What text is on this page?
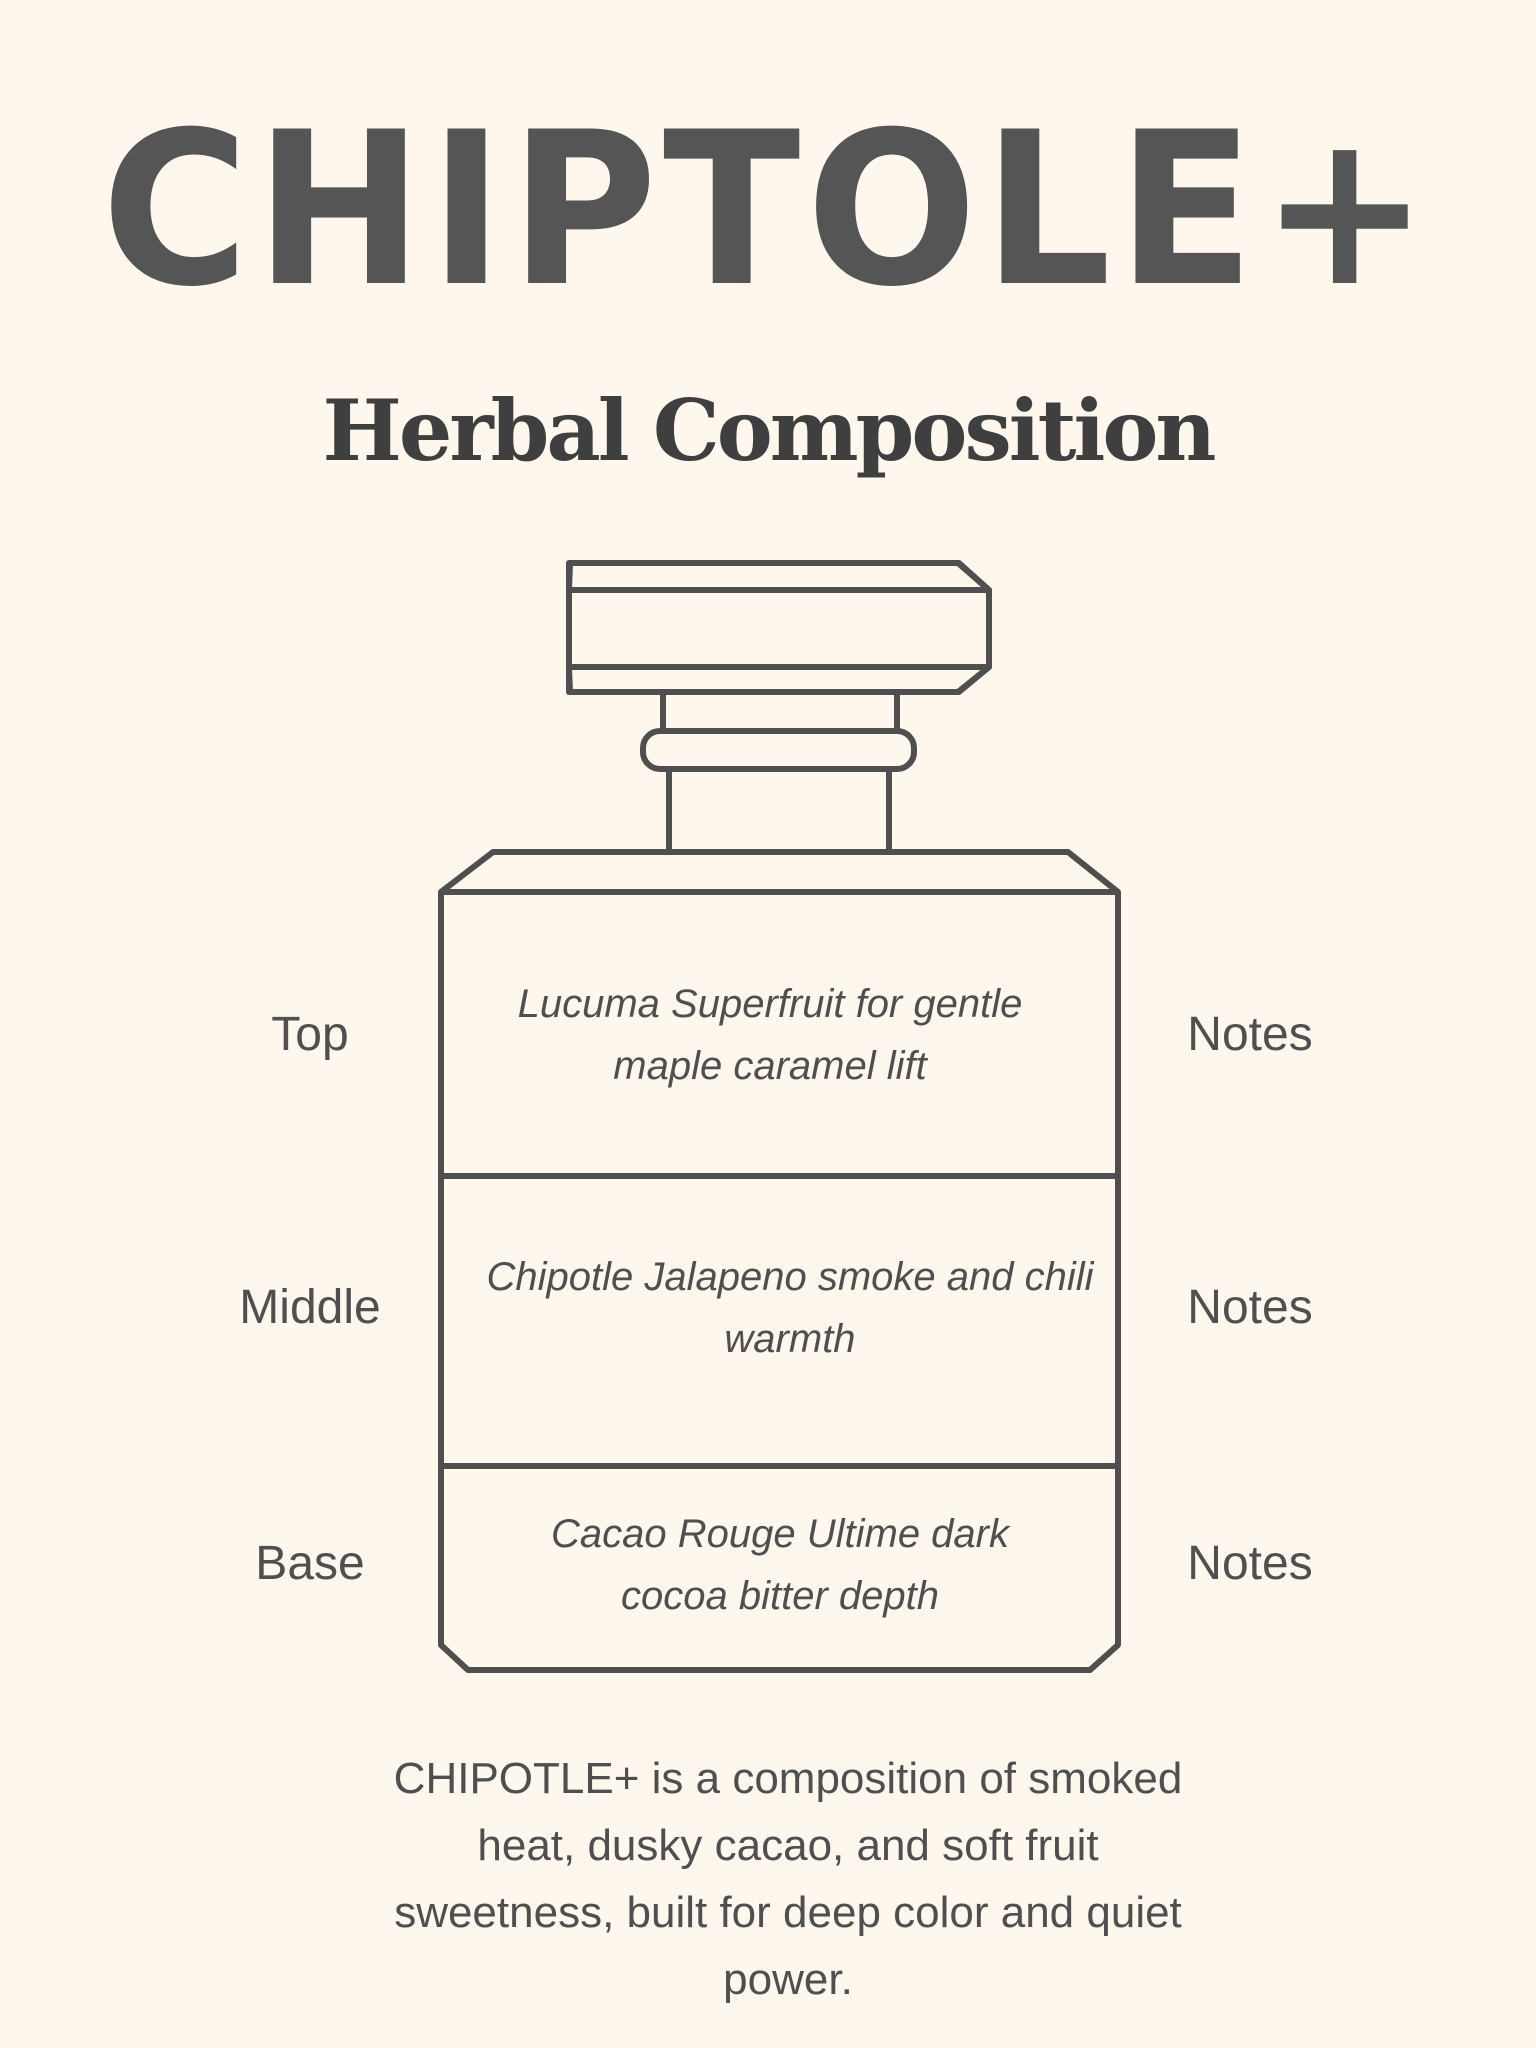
CHIPTOLE+
Herbal Composition
Top	Notes
Lucuma Superfruit for gentle maple caramel lift
Middle	Notes
Chipotle Jalapeno smoke and chili warmth
Base	Notes
Cacao Rouge Ultime dark cocoa bitter depth

CHIPOTLE+ is a composition of smoked heat, dusky cacao, and soft fruit sweetness, built for deep color and quiet power.
